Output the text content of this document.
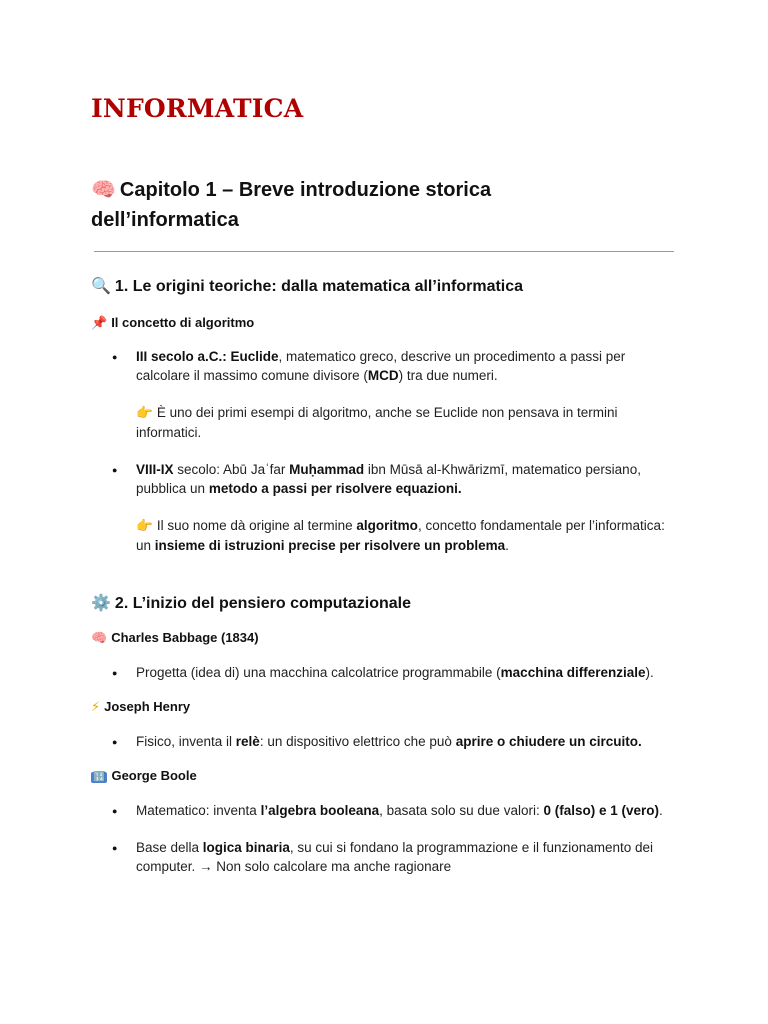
INFORMATICA
🧠 Capitolo 1 – Breve introduzione storica dell’informatica
🔍 1. Le origini teoriche: dalla matematica all’informatica
📌 Il concetto di algoritmo
● III secolo a.C.: Euclide, matematico greco, descrive un procedimento a passi per calcolare il massimo comune divisore (MCD) tra due numeri.

👉 È uno dei primi esempi di algoritmo, anche se Euclide non pensava in termini informatici.

● VIII-IX secolo: Abū Jaʿfar Muḥammad ibn Mūsā al-Khwārizmī, matematico persiano, pubblica un metodo a passi per risolvere equazioni.

👉 Il suo nome dà origine al termine algoritmo, concetto fondamentale per l’informatica: un insieme di istruzioni precise per risolvere un problema.

⚙️ 2. L’inizio del pensiero computazionale
🧠 Charles Babbage (1834)
● Progetta (idea di) una macchina calcolatrice programmabile (macchina differenziale).

⚡ Joseph Henry
● Fisico, inventa il relè: un dispositivo elettrico che può aprire o chiudere un circuito.

🔢 George Boole
● Matematico: inventa l’algebra booleana, basata solo su due valori: 0 (falso) e 1 (vero).

● Base della logica binaria, su cui si fondano la programmazione e il funzionamento dei computer. → Non solo calcolare ma anche ragionare
